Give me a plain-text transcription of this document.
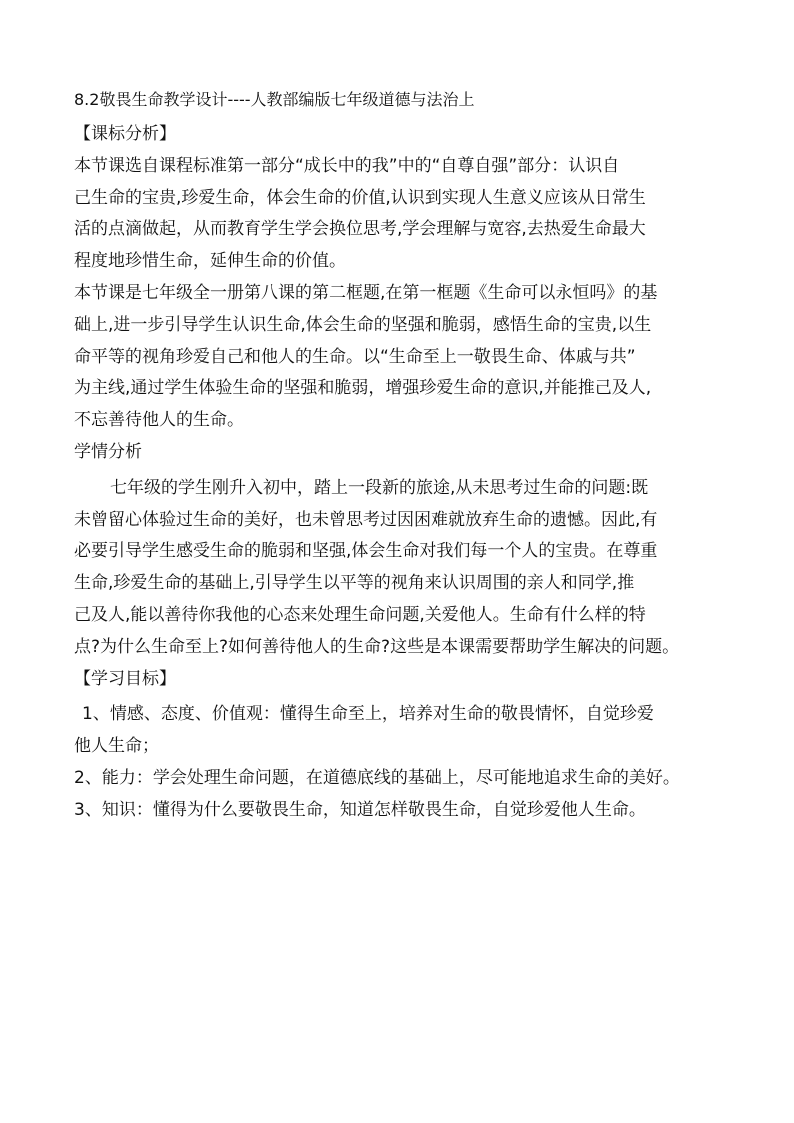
8.2敬畏生命教学设计----人教部编版七年级道德与法治上
【课标分析】
本节课选自课程标准第一部分“成长中的我”中的“自尊自强”部分：认识自
己生命的宝贵,珍爱生命，体会生命的价值,认识到实现人生意义应该从日常生
活的点滴做起，从而教育学生学会换位思考,学会理解与宽容,去热爱生命最大
程度地珍惜生命，延伸生命的价值。
本节课是七年级全一册第八课的第二框题,在第一框题《生命可以永恒吗》的基
础上,进一步引导学生认识生命,体会生命的坚强和脆弱，感悟生命的宝贵,以生
命平等的视角珍爱自己和他人的生命。以“生命至上一敬畏生命、体戚与共”
为主线,通过学生体验生命的坚强和脆弱，增强珍爱生命的意识,并能推己及人,
不忘善待他人的生命。
学情分析
七年级的学生刚升入初中，踏上一段新的旅途,从未思考过生命的问题:既
未曾留心体验过生命的美好，也未曾思考过因困难就放弃生命的遗憾。因此,有
必要引导学生感受生命的脆弱和坚强,体会生命对我们每一个人的宝贵。在尊重
生命,珍爱生命的基础上,引导学生以平等的视角来认识周围的亲人和同学,推
己及人,能以善待你我他的心态来处理生命问题,关爱他人。生命有什么样的特
点?为什么生命至上?如何善待他人的生命?这些是本课需要帮助学生解决的问题。
【学习目标】
1、情感、态度、价值观：懂得生命至上，培养对生命的敬畏情怀，自觉珍爱
他人生命；
2、能力：学会处理生命问题，在道德底线的基础上，尽可能地追求生命的美好。
3、知识：懂得为什么要敬畏生命，知道怎样敬畏生命，自觉珍爱他人生命。
